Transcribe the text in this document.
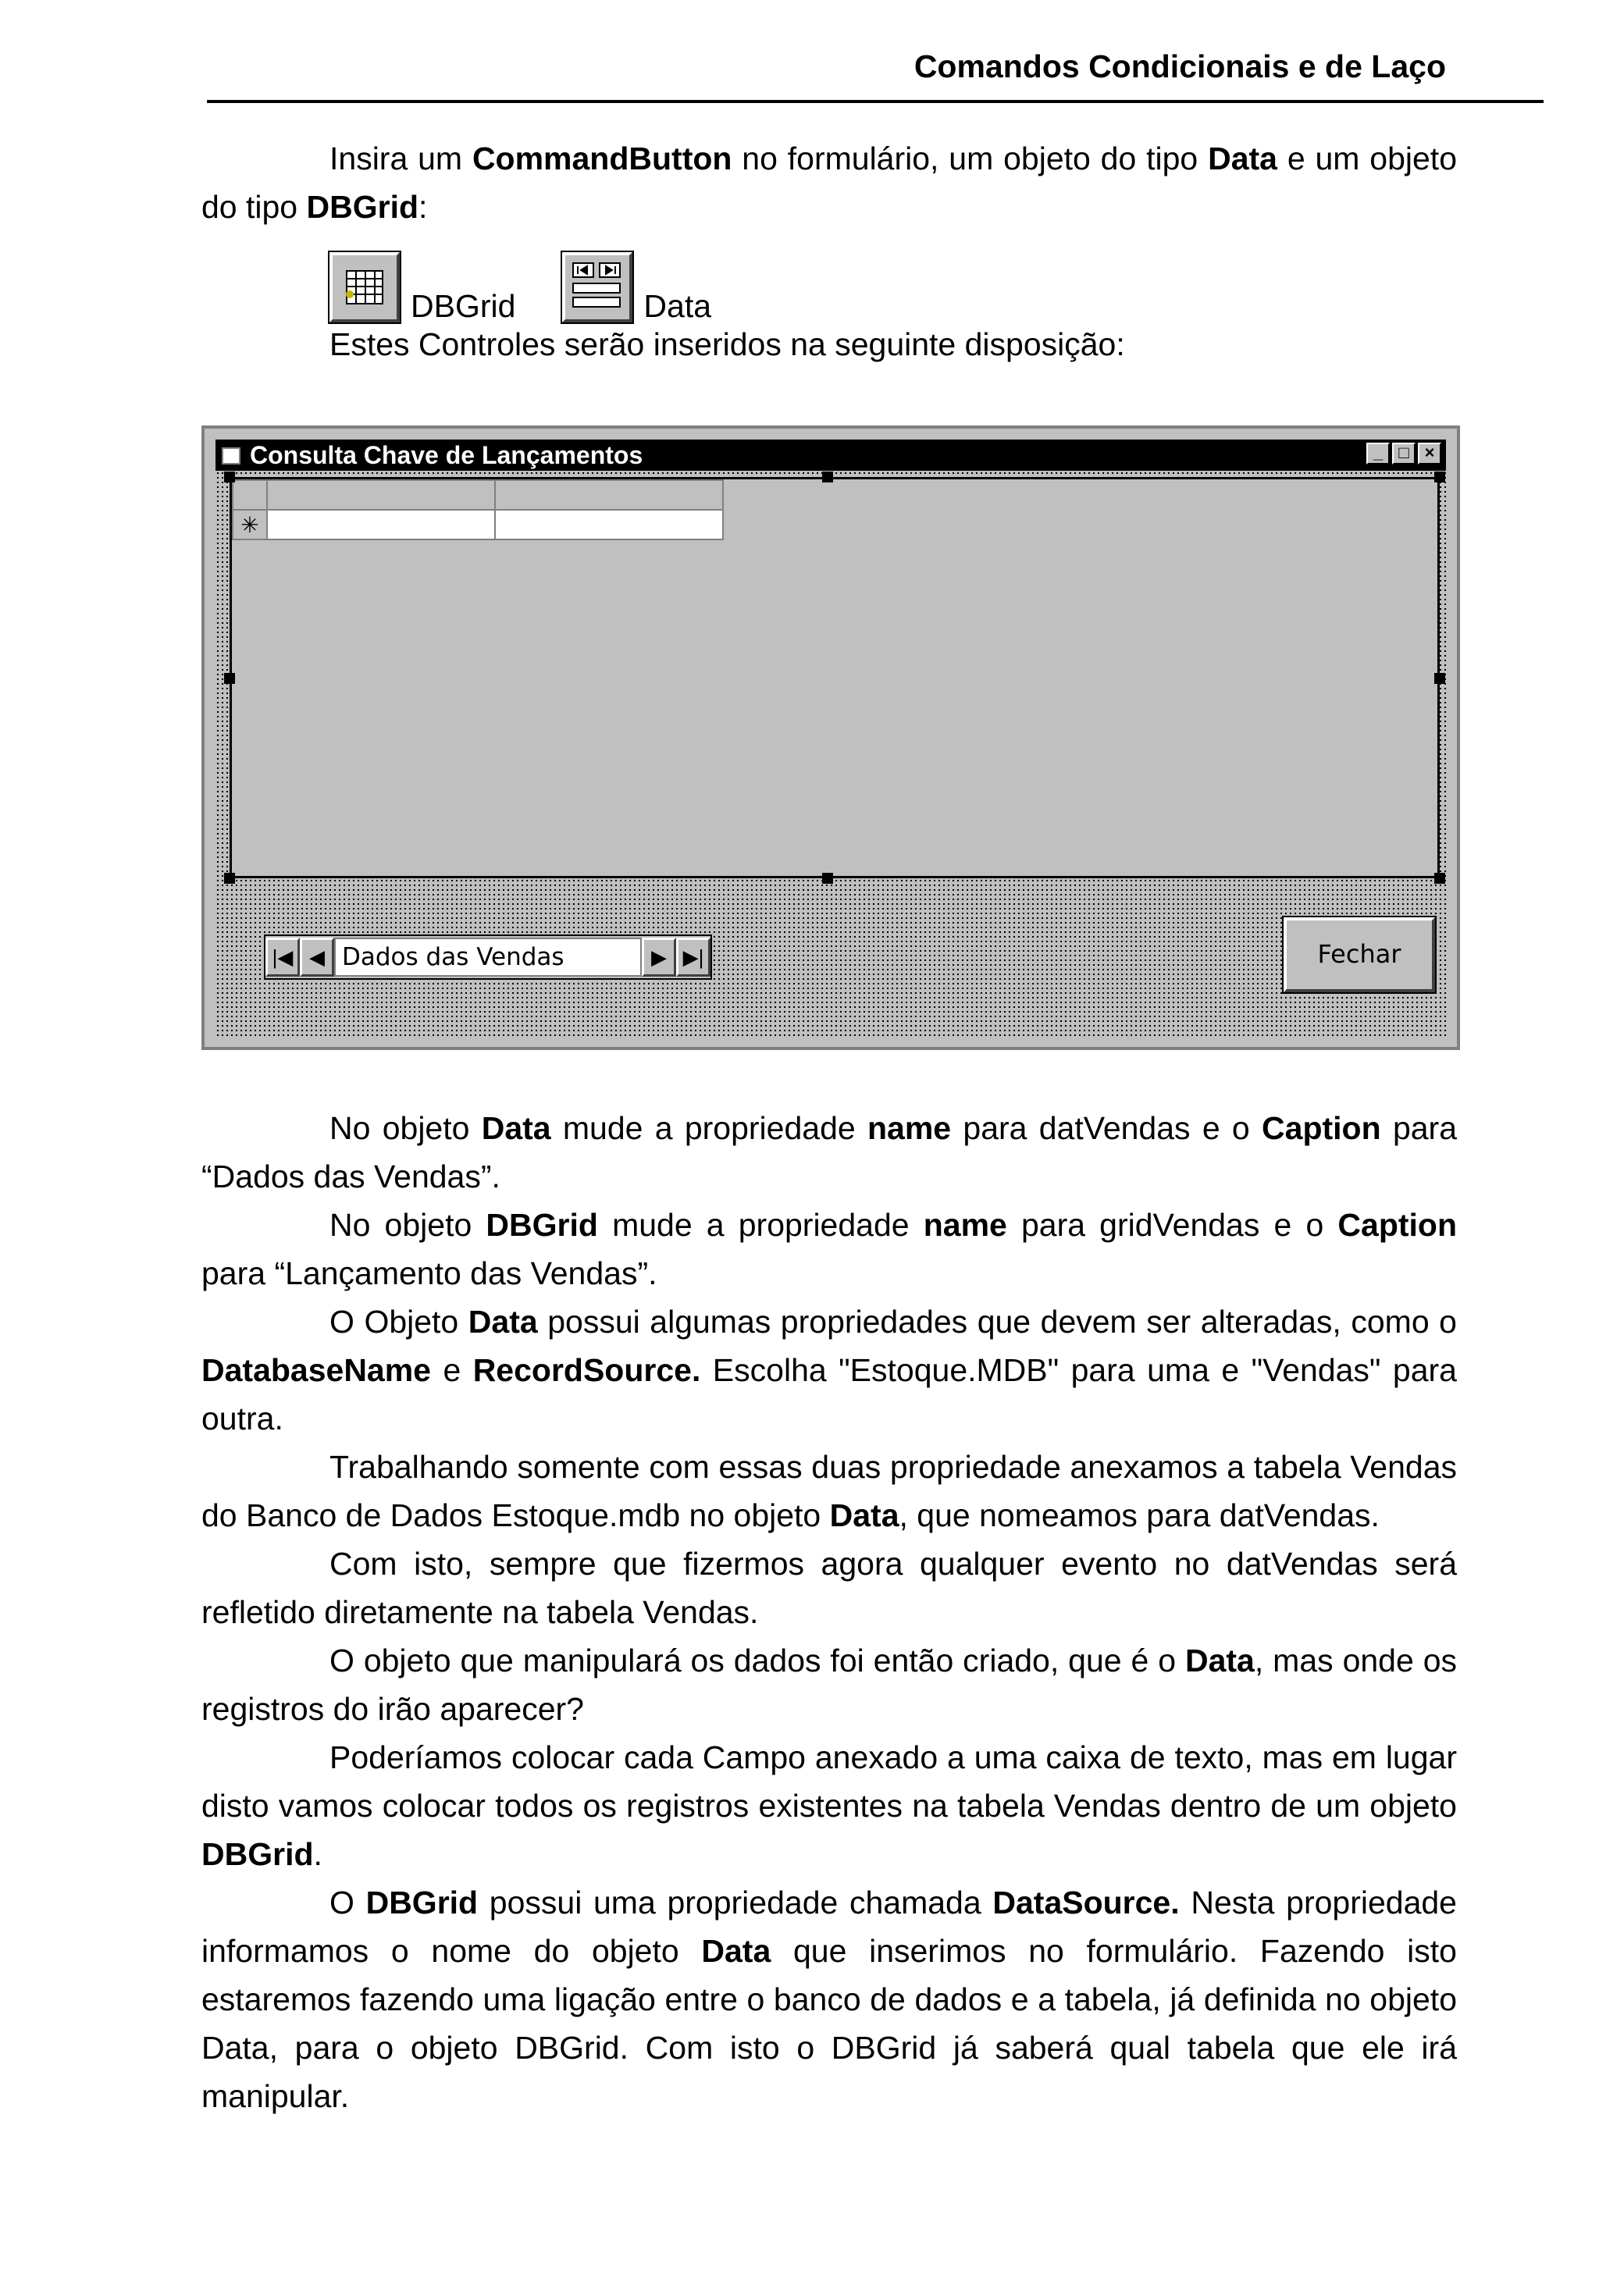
Comandos Condicionais e de Laço

Insira um CommandButton no formulário, um objeto do tipo Data e um objeto do tipo DBGrid:

DBGrid	Data
Estes Controles serão inseridos na seguinte disposição:
Consulta Chave de Lançamentos	_ □ ×

✳		
|◀ ◀ Dados das Vendas	▶ ▶|	Fechar

No objeto Data mude a propriedade name para datVendas e o Caption para “Dados das Vendas”.

No objeto DBGrid mude a propriedade name para gridVendas e o Caption para “Lançamento das Vendas”.

O Objeto Data possui algumas propriedades que devem ser alteradas, como o DatabaseName e RecordSource. Escolha "Estoque.MDB" para uma e "Vendas" para outra.

Trabalhando somente com essas duas propriedade anexamos a tabela Vendas do Banco de Dados Estoque.mdb no objeto Data, que nomeamos para datVendas.

Com isto, sempre que fizermos agora qualquer evento no datVendas será refletido diretamente na tabela Vendas.

O objeto que manipulará os dados foi então criado, que é o Data, mas onde os registros do irão aparecer?

Poderíamos colocar cada Campo anexado a uma caixa de texto, mas em lugar disto vamos colocar todos os registros existentes na tabela Vendas dentro de um objeto DBGrid.

O DBGrid possui uma propriedade chamada DataSource. Nesta propriedade informamos o nome do objeto Data que inserimos no formulário. Fazendo isto estaremos fazendo uma ligação entre o banco de dados e a tabela, já definida no objeto Data, para o objeto DBGrid. Com isto o DBGrid já saberá qual tabela que ele irá manipular.
